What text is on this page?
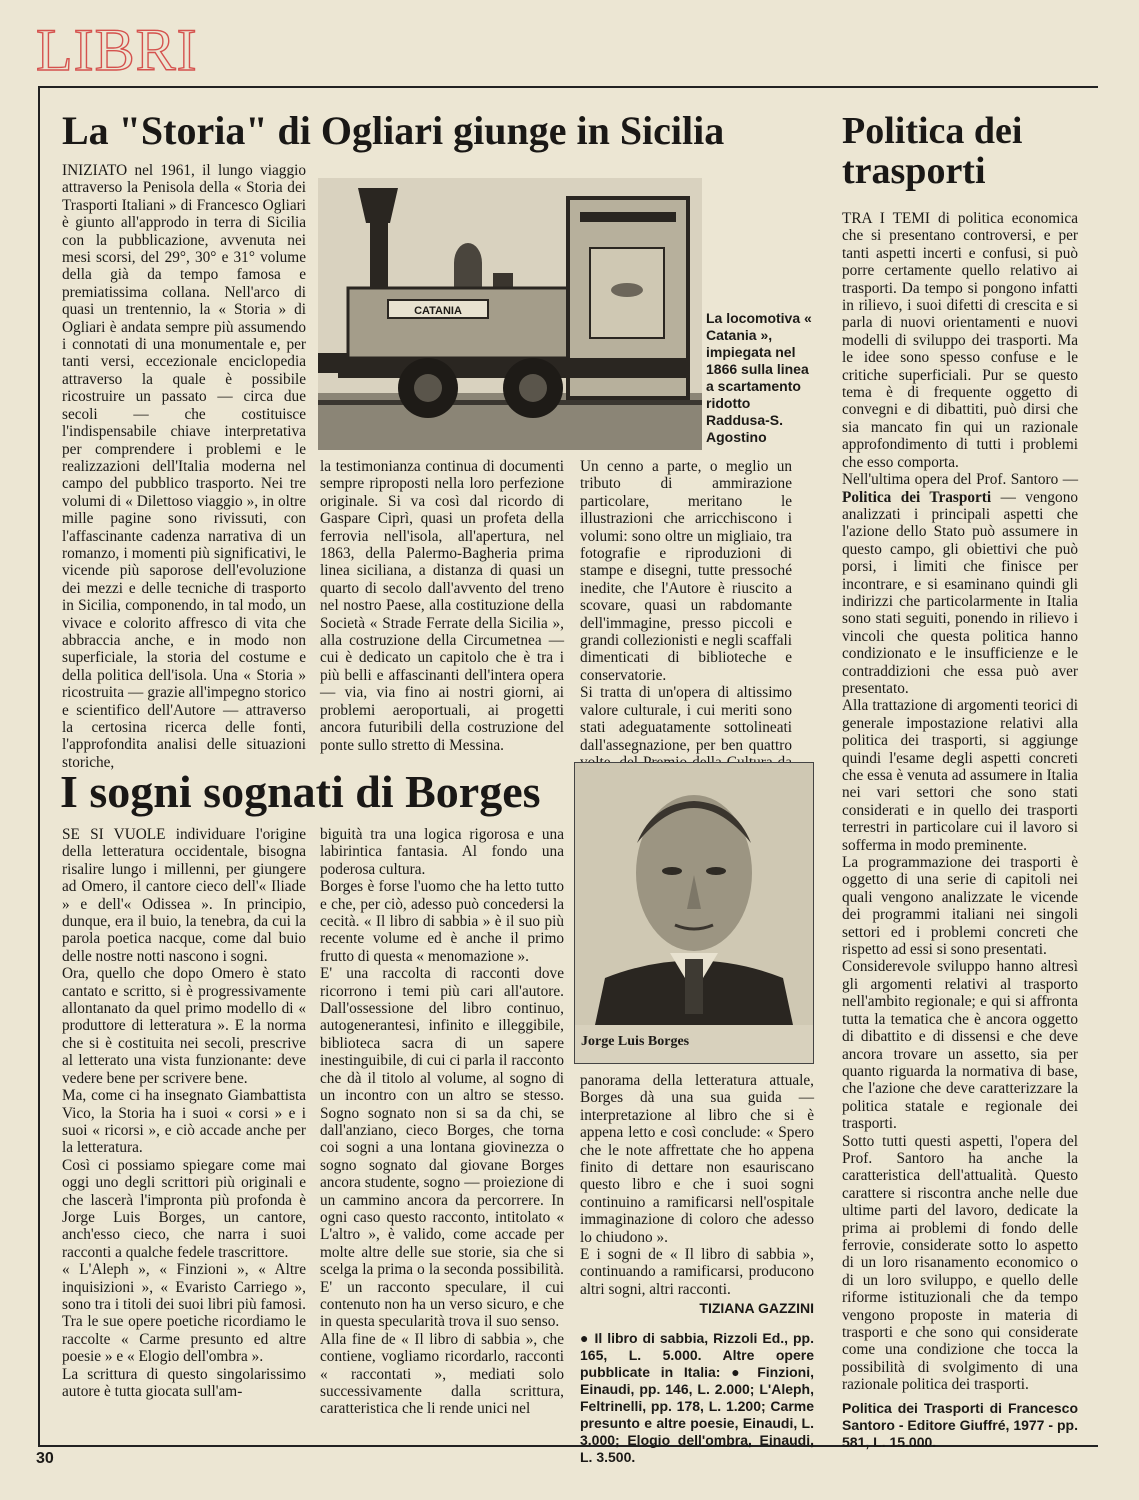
LIBRI
La "Storia" di Ogliari giunge in Sicilia

INIZIATO nel 1961, il lungo viaggio attraverso la Penisola della « Storia dei Trasporti Italiani » di Francesco Ogliari è giunto all'approdo in terra di Sicilia con la pubblicazione, avvenuta nei mesi scorsi, del 29°, 30° e 31° volume della già da tempo famosa e premiatissima collana. Nell'arco di quasi un trentennio, la « Storia » di Ogliari è andata sempre più assumendo i connotati di una monumentale e, per tanti versi, eccezionale enciclopedia attraverso la quale è possibile ricostruire un passato — circa due secoli — che costituisce l'indispensabile chiave interpretativa per comprendere i problemi e le realizzazioni dell'Italia moderna nel campo del pubblico trasporto. Nei tre volumi di « Dilettoso viaggio », in oltre mille pagine sono rivissuti, con l'affascinante cadenza narrativa di un romanzo, i momenti più significativi, le vicende più saporose dell'evoluzione dei mezzi e delle tecniche di trasporto in Sicilia, componendo, in tal modo, un vivace e colorito affresco di vita che abbraccia anche, e in modo non superficiale, la storia del costume e della politica dell'isola. Una « Storia » ricostruita — grazie all'impegno storico e scientifico dell'Autore — attraverso la certosina ricerca delle fonti, l'approfondita analisi delle situazioni storiche,

CATANIA	La locomotiva « Catania », impiegata nel 1866 sulla linea a scartamento ridotto Raddusa-S. Agostino

la testimonianza continua di documenti sempre riproposti nella loro perfezione originale. Si va così dal ricordo di Gaspare Ciprì, quasi un profeta della ferrovia nell'isola, all'apertura, nel 1863, della Palermo-Bagheria prima linea siciliana, a distanza di quasi un quarto di secolo dall'avvento del treno nel nostro Paese, alla costituzione della Società « Strade Ferrate della Sicilia », alla costruzione della Circumetnea — cui è dedicato un capitolo che è tra i più belli e affascinanti dell'intera opera — via, via fino ai nostri giorni, ai problemi aeroportuali, ai progetti ancora futuribili della costruzione del ponte sullo stretto di Messina.

Un cenno a parte, o meglio un tributo di ammirazione particolare, meritano le illustrazioni che arricchiscono i volumi: sono oltre un migliaio, tra fotografie e riproduzioni di stampe e disegni, tutte pressoché inedite, che l'Autore è riuscito a scovare, quasi un rabdomante dell'immagine, presso piccoli e grandi collezionisti e negli scaffali dimenticati di biblioteche e conservatorie.

Si tratta di un'opera di altissimo valore culturale, i cui meriti sono stati adeguatamente sottolineati dall'assegnazione, per ben quattro

Politica dei trasporti

TRA I TEMI di politica economica che si presentano controversi, e per tanti aspetti incerti e confusi, si può porre certamente quello relativo ai trasporti. Da tempo si pongono infatti in rilievo, i suoi difetti di crescita e si parla di nuovi orientamenti e nuovi modelli di sviluppo dei trasporti. Ma le idee sono spesso confuse e le critiche superficiali. Pur se questo tema è di frequente oggetto di convegni e di dibattiti, può dirsi che sia mancato fin qui un razionale approfondimento di tutti i problemi che esso comporta.

Nell'ultima opera del Prof. Santoro — Politica dei Trasporti — vengono analizzati i principali aspetti che l'azione dello Stato può assumere in questo campo, gli obiettivi che può porsi, i limiti che finisce per incontrare, e si esaminano quindi gli indirizzi che particolarmente in Italia sono stati seguiti, ponendo in rilievo i vincoli che questa politica hanno condizionato e le insufficienze e le contraddizioni che essa può aver presentato.

Alla trattazione di argomenti teorici di generale impostazione relativi alla politica dei trasporti, si aggiunge quindi l'esame degli aspetti concreti che essa è venuta ad assumere in Italia nei vari settori che sono stati considerati e in quello dei trasporti terrestri in particolare cui il lavoro si sofferma in modo preminente.

La programmazione dei trasporti è oggetto di una serie di capitoli nei quali vengono analizzate le vicende dei programmi italiani nei singoli settori ed i problemi concreti che rispetto ad essi si sono presentati.

Considerevole sviluppo hanno altresì gli argomenti relativi al trasporto nell'ambito regionale; e qui si affronta tutta la tematica che è ancora oggetto di dibattito e di dissensi e che deve ancora trovare un assetto, sia per quanto riguarda la normativa di base, che l'azione che deve caratterizzare la politica statale e regionale dei trasporti.

Sotto tutti questi aspetti, l'opera del Prof. Santoro ha anche la caratteristica dell'attualità. Questo carattere si riscontra anche nelle due ultime parti del lavoro, dedicate la prima ai problemi di fondo delle ferrovie, considerate sotto lo aspetto di un loro risanamento economico o di un loro sviluppo, e quello delle riforme istituzionali che da tempo vengono proposte in materia di trasporti e che sono qui considerate come una condizione che tocca la possibilità di svolgimento di una razionale politica dei trasporti.

Politica dei Trasporti di Francesco Santoro - Editore Giuffré, 1977 - pp. 581, L. 15.000.

I sogni sognati di Borges

SE SI VUOLE individuare l'origine della letteratura occidentale, bisogna risalire lungo i millenni, per giungere ad Omero, il cantore cieco dell'« Iliade » e dell'« Odissea ». In principio, dunque, era il buio, la tenebra, da cui la parola poetica nacque, come dal buio delle nostre notti nascono i sogni.

Ora, quello che dopo Omero è stato cantato e scritto, si è progressivamente allontanato da quel primo modello di « produttore di letteratura ». E la norma che si è costituita nei secoli, prescrive al letterato una vista funzionante: deve vedere bene per scrivere bene.

Ma, come ci ha insegnato Giambattista Vico, la Storia ha i suoi « corsi » e i suoi « ricorsi », e ciò accade anche per la letteratura.

Così ci possiamo spiegare come mai oggi uno degli scrittori più originali e che lascerà l'impronta più profonda è Jorge Luis Borges, un cantore, anch'esso cieco, che narra i suoi racconti a qualche fedele trascrittore.

« L'Aleph », « Finzioni », « Altre inquisizioni », « Evaristo Carriego », sono tra i titoli dei suoi libri più famosi. Tra le sue opere poetiche ricordiamo le raccolte « Carme presunto ed altre poesie » e « Elogio dell'ombra ».

La scrittura di questo singolarissimo autore è tutta giocata sull'am-

biguità tra una logica rigorosa e una labirintica fantasia. Al fondo una poderosa cultura.

Borges è forse l'uomo che ha letto tutto e che, per ciò, adesso può concedersi la cecità. « Il libro di sabbia » è il suo più recente volume ed è anche il primo frutto di questa « menomazione ».

E' una raccolta di racconti dove ricorrono i temi più cari all'autore. Dall'ossessione del libro continuo, autogenerantesi, infinito e illeggibile, biblioteca sacra di un sapere inestinguibile, di cui ci parla il racconto che dà il titolo al volume, al sogno di un incontro con un altro se stesso. Sogno sognato non si sa da chi, se dall'anziano, cieco Borges, che torna coi sogni a una lontana giovinezza o sogno sognato dal giovane Borges ancora studente, sogno — proiezione di un cammino ancora da percorrere. In ogni caso questo racconto, intitolato « L'altro », è valido, come accade per molte altre delle sue storie, sia che si scelga la prima o la seconda possibilità. E' un racconto speculare, il cui contenuto non ha un verso sicuro, e che in questa specularità trova il suo senso.

Alla fine de « Il libro di sabbia », che contiene, vogliamo ricordarlo, racconti « raccontati », mediati solo successivamente dalla scrittura, caratteristica che li rende unici nel

Jorge Luis Borges

panorama della letteratura attuale, Borges dà una sua guida — interpretazione al libro che si è appena letto e così conclude: « Spero che le note affrettate che ho appena finito di dettare non esauriscano questo libro e che i suoi sogni continuino a ramificarsi nell'ospitale immaginazione di coloro che adesso lo chiudono ».

E i sogni de « Il libro di sabbia », continuando a ramificarsi, producono altri sogni, altri racconti.

TIZIANA GAZZINI

● Il libro di sabbia, Rizzoli Ed., pp. 165, L. 5.000. Altre opere pubblicate in Italia: ● Finzioni, Einaudi, pp. 146, L. 2.000; L'Aleph, Feltrinelli, pp. 178, L. 1.200; Carme presunto e altre poesie, Einaudi, L. 3.000; Elogio dell'ombra, Einaudi, L. 3.500.

30
